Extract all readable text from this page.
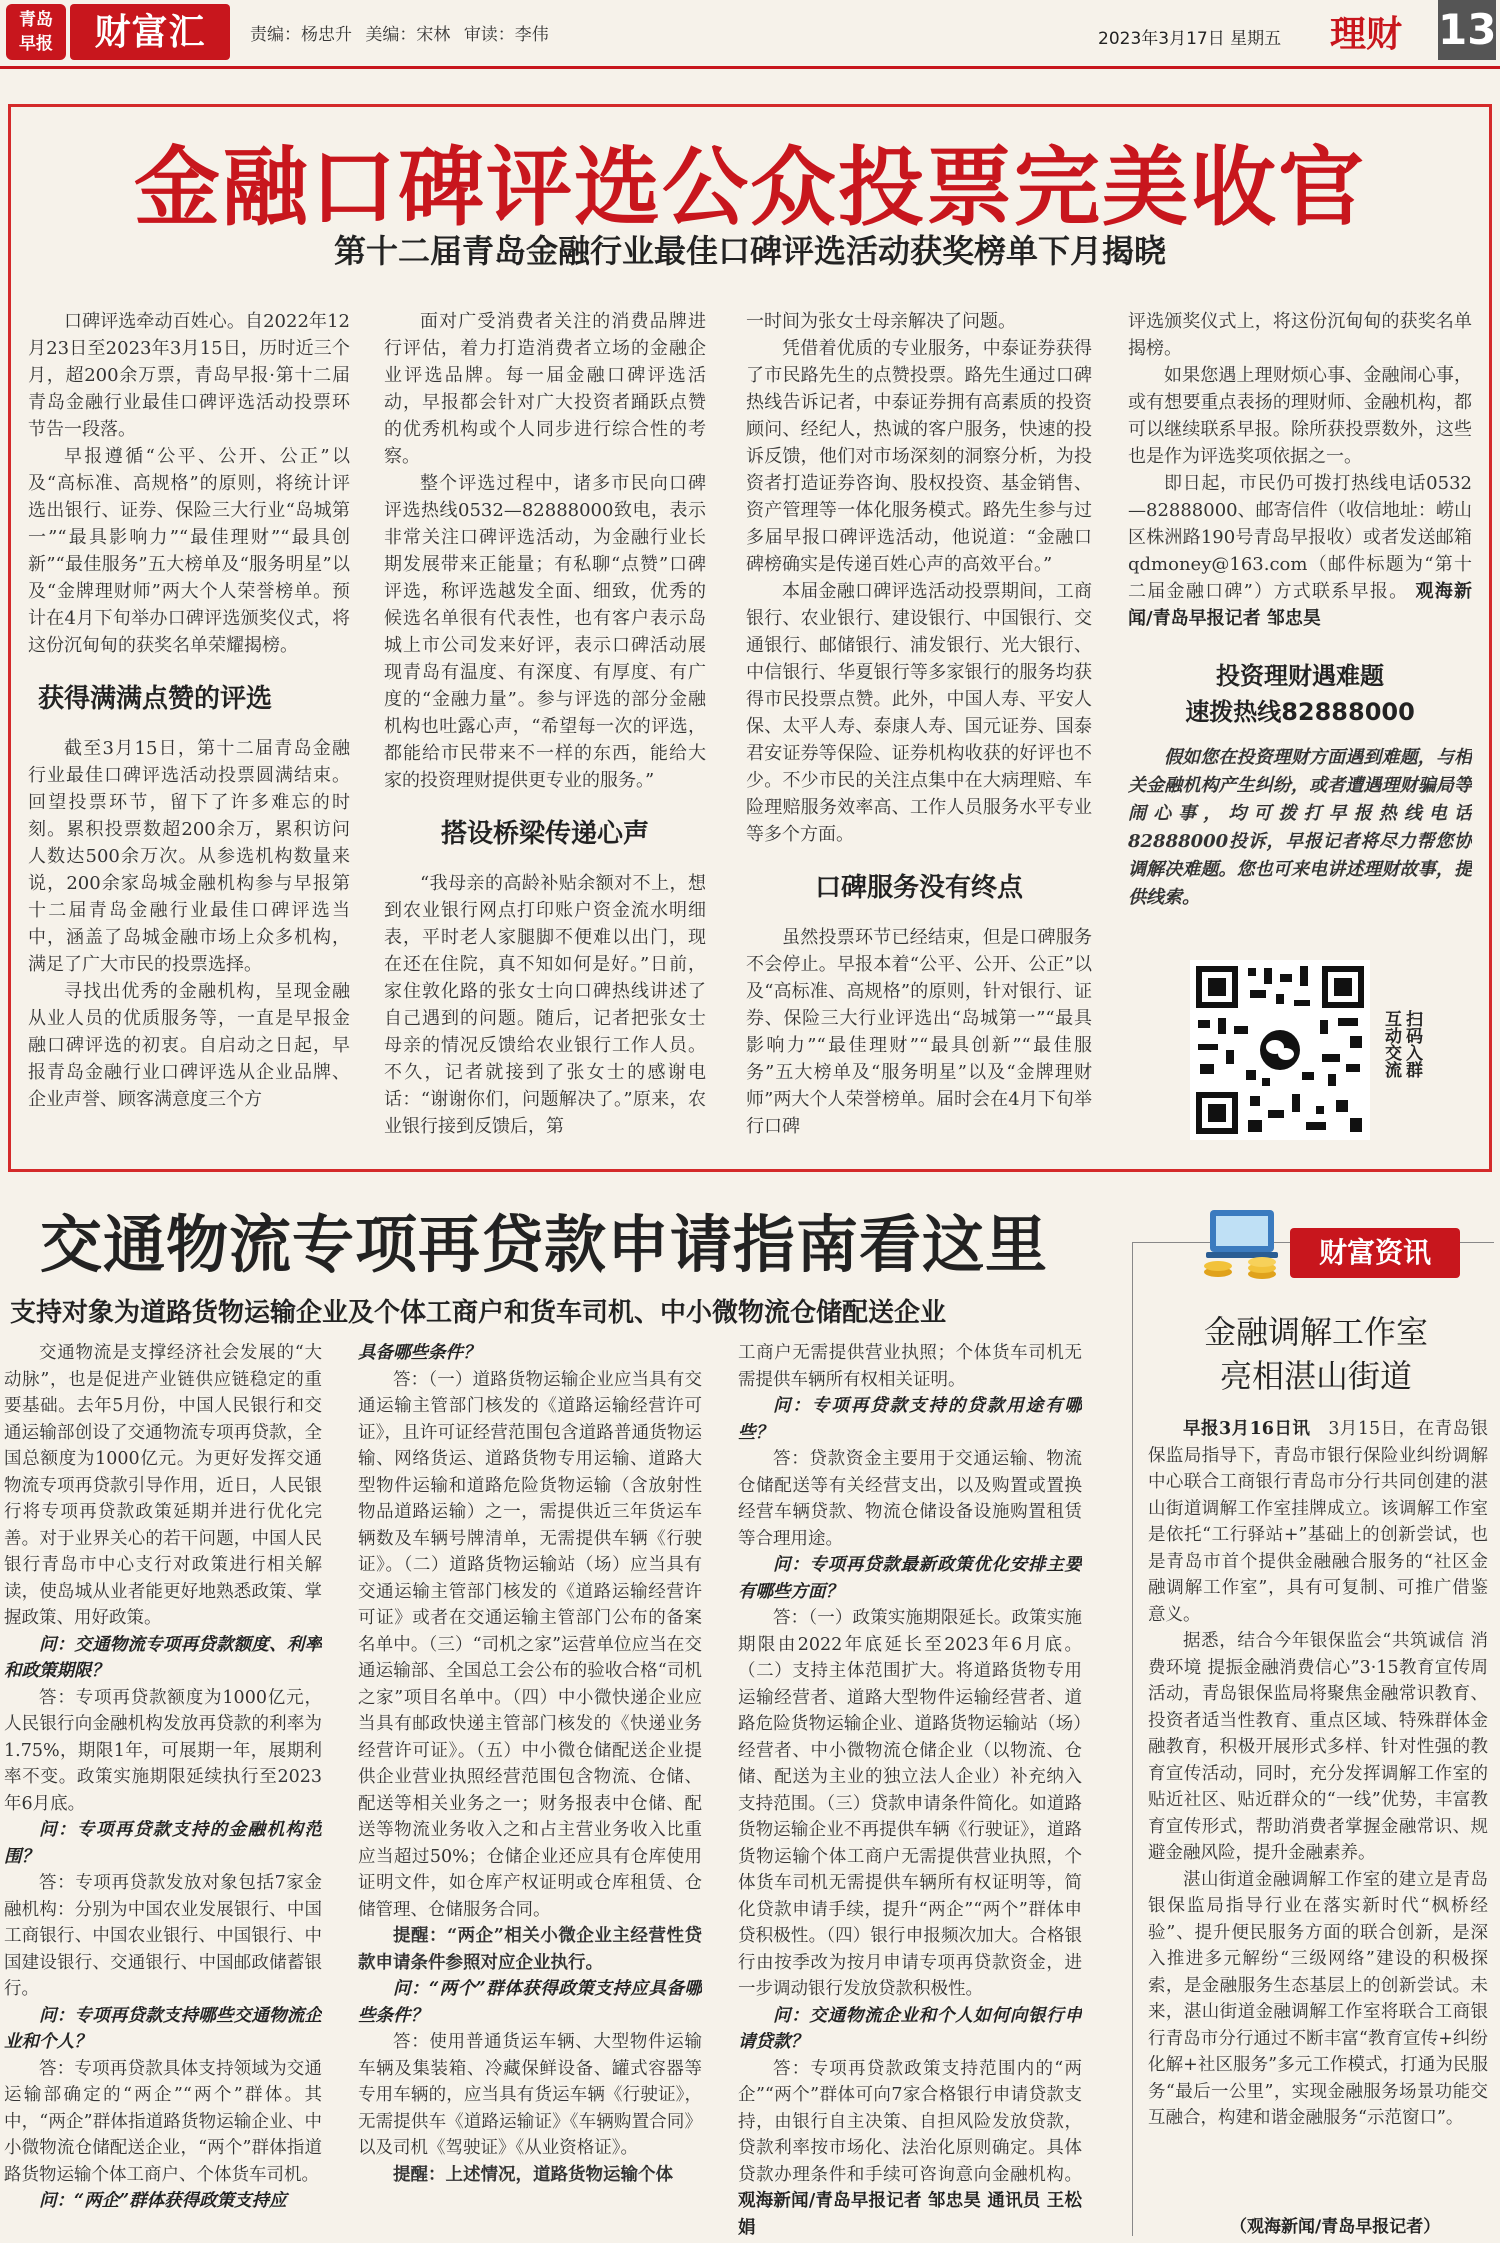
青岛
早报	财富汇	责编：杨忠升 美编：宋林 审读：李伟	2023年3月17日 星期五 理财 13
金融口碑评选公众投票完美收官
第十二届青岛金融行业最佳口碑评选活动获奖榜单下月揭晓

口碑评选牵动百姓心。自2022年12月23日至2023年3月15日，历时近三个月，超200余万票，青岛早报·第十二届青岛金融行业最佳口碑评选活动投票环节告一段落。

早报遵循“公平、公开、公正”以及“高标准、高规格”的原则，将统计评选出银行、证券、保险三大行业“岛城第一”“最具影响力”“最佳理财”“最具创新”“最佳服务”五大榜单及“服务明星”以及“金牌理财师”两大个人荣誉榜单。预计在4月下旬举办口碑评选颁奖仪式，将这份沉甸甸的获奖名单荣耀揭榜。

获得满满点赞的评选

截至3月15日，第十二届青岛金融行业最佳口碑评选活动投票圆满结束。回望投票环节，留下了许多难忘的时刻。累积投票数超200余万，累积访问人数达500余万次。从参选机构数量来说，200余家岛城金融机构参与早报第十二届青岛金融行业最佳口碑评选当中，涵盖了岛城金融市场上众多机构，满足了广大市民的投票选择。

寻找出优秀的金融机构，呈现金融从业人员的优质服务等，一直是早报金融口碑评选的初衷。自启动之日起，早报青岛金融行业口碑评选从企业品牌、企业声誉、顾客满意度三个方

面对广受消费者关注的消费品牌进行评估，着力打造消费者立场的金融企业评选品牌。每一届金融口碑评选活动，早报都会针对广大投资者踊跃点赞的优秀机构或个人同步进行综合性的考察。

整个评选过程中，诸多市民向口碑评选热线0532—82888000致电，表示非常关注口碑评选活动，为金融行业长期发展带来正能量；有私聊“点赞”口碑评选，称评选越发全面、细致，优秀的候选名单很有代表性，也有客户表示岛城上市公司发来好评，表示口碑活动展现青岛有温度、有深度、有厚度、有广度的“金融力量”。参与评选的部分金融机构也吐露心声，“希望每一次的评选，都能给市民带来不一样的东西，能给大家的投资理财提供更专业的服务。”

搭设桥梁传递心声

“我母亲的高龄补贴余额对不上，想到农业银行网点打印账户资金流水明细表，平时老人家腿脚不便难以出门，现在还在住院，真不知如何是好。”日前，家住敦化路的张女士向口碑热线讲述了自己遇到的问题。随后，记者把张女士母亲的情况反馈给农业银行工作人员。不久，记者就接到了张女士的感谢电话：“谢谢你们，问题解决了。”原来，农业银行接到反馈后，第

一时间为张女士母亲解决了问题。

凭借着优质的专业服务，中泰证券获得了市民路先生的点赞投票。路先生通过口碑热线告诉记者，中泰证券拥有高素质的投资顾问、经纪人，热诚的客户服务，快速的投诉反馈，他们对市场深刻的洞察分析，为投资者打造证券咨询、股权投资、基金销售、资产管理等一体化服务模式。路先生参与过多届早报口碑评选活动，他说道：“金融口碑榜确实是传递百姓心声的高效平台。”

本届金融口碑评选活动投票期间，工商银行、农业银行、建设银行、中国银行、交通银行、邮储银行、浦发银行、光大银行、中信银行、华夏银行等多家银行的服务均获得市民投票点赞。此外，中国人寿、平安人保、太平人寿、泰康人寿、国元证券、国泰君安证券等保险、证券机构收获的好评也不少。不少市民的关注点集中在大病理赔、车险理赔服务效率高、工作人员服务水平专业等多个方面。

口碑服务没有终点

虽然投票环节已经结束，但是口碑服务不会停止。早报本着“公平、公开、公正”以及“高标准、高规格”的原则，针对银行、证券、保险三大行业评选出“岛城第一”“最具影响力”“最佳理财”“最具创新”“最佳服务”五大榜单及“服务明星”以及“金牌理财师”两大个人荣誉榜单。届时会在4月下旬举行口碑

评选颁奖仪式上，将这份沉甸甸的获奖名单揭榜。

如果您遇上理财烦心事、金融闹心事，或有想要重点表扬的理财师、金融机构，都可以继续联系早报。除所获投票数外，这些也是作为评选奖项依据之一。

即日起，市民仍可拨打热线电话0532—82888000、邮寄信件（收信地址：崂山区株洲路190号青岛早报收）或者发送邮箱qdmoney@163.com（邮件标题为“第十二届金融口碑”）方式联系早报。 观海新闻/青岛早报记者 邹忠昊

投资理财遇难题
速拨热线82888000

假如您在投资理财方面遇到难题，与相关金融机构产生纠纷，或者遭遇理财骗局等闹心事，均可拨打早报热线电话82888000投诉，早报记者将尽力帮您协调解决难题。您也可来电讲述理财故事，提供线索。

扫码入群
互动交流
交通物流专项再贷款申请指南看这里
支持对象为道路货物运输企业及个体工商户和货车司机、中小微物流仓储配送企业

交通物流是支撑经济社会发展的“大动脉”，也是促进产业链供应链稳定的重要基础。去年5月份，中国人民银行和交通运输部创设了交通物流专项再贷款，全国总额度为1000亿元。为更好发挥交通物流专项再贷款引导作用，近日，人民银行将专项再贷款政策延期并进行优化完善。对于业界关心的若干问题，中国人民银行青岛市中心支行对政策进行相关解读，使岛城从业者能更好地熟悉政策、掌握政策、用好政策。

问：交通物流专项再贷款额度、利率和政策期限？

答：专项再贷款额度为1000亿元，人民银行向金融机构发放再贷款的利率为1.75%，期限1年，可展期一年，展期利率不变。政策实施期限延续执行至2023年6月底。

问：专项再贷款支持的金融机构范围？

答：专项再贷款发放对象包括7家金融机构：分别为中国农业发展银行、中国工商银行、中国农业银行、中国银行、中国建设银行、交通银行、中国邮政储蓄银行。

问：专项再贷款支持哪些交通物流企业和个人？

答：专项再贷款具体支持领域为交通运输部确定的“两企”“两个”群体。其中，“两企”群体指道路货物运输企业、中小微物流仓储配送企业，“两个”群体指道路货物运输个体工商户、个体货车司机。

问：“两企”群体获得政策支持应

具备哪些条件？

答：（一）道路货物运输企业应当具有交通运输主管部门核发的《道路运输经营许可证》，且许可证经营范围包含道路普通货物运输、网络货运、道路货物专用运输、道路大型物件运输和道路危险货物运输（含放射性物品道路运输）之一，需提供近三年货运车辆数及车辆号牌清单，无需提供车辆《行驶证》。（二）道路货物运输站（场）应当具有交通运输主管部门核发的《道路运输经营许可证》或者在交通运输主管部门公布的备案名单中。（三）“司机之家”运营单位应当在交通运输部、全国总工会公布的验收合格“司机之家”项目名单中。（四）中小微快递企业应当具有邮政快递主管部门核发的《快递业务经营许可证》。（五）中小微仓储配送企业提供企业营业执照经营范围包含物流、仓储、配送等相关业务之一；财务报表中仓储、配送等物流业务收入之和占主营业务收入比重应当超过50%；仓储企业还应具有仓库使用证明文件，如仓库产权证明或仓库租赁、仓储管理、仓储服务合同。

提醒：“两企”相关小微企业主经营性贷款申请条件参照对应企业执行。

问：“两个”群体获得政策支持应具备哪些条件？

答：使用普通货运车辆、大型物件运输车辆及集装箱、冷藏保鲜设备、罐式容器等专用车辆的，应当具有货运车辆《行驶证》，无需提供车《道路运输证》《车辆购置合同》以及司机《驾驶证》《从业资格证》。

提醒：上述情况，道路货物运输个体

工商户无需提供营业执照；个体货车司机无需提供车辆所有权相关证明。

问：专项再贷款支持的贷款用途有哪些？

答：贷款资金主要用于交通运输、物流仓储配送等有关经营支出，以及购置或置换经营车辆贷款、物流仓储设备设施购置租赁等合理用途。

问：专项再贷款最新政策优化安排主要有哪些方面？

答：（一）政策实施期限延长。政策实施期限由2022年底延长至2023年6月底。（二）支持主体范围扩大。将道路货物专用运输经营者、道路大型物件运输经营者、道路危险货物运输企业、道路货物运输站（场）经营者、中小微物流仓储企业（以物流、仓储、配送为主业的独立法人企业）补充纳入支持范围。（三）贷款申请条件简化。如道路货物运输企业不再提供车辆《行驶证》，道路货物运输个体工商户无需提供营业执照，个体货车司机无需提供车辆所有权证明等，简化贷款申请手续，提升“两企”“两个”群体申贷积极性。（四）银行申报频次加大。合格银行由按季改为按月申请专项再贷款资金，进一步调动银行发放贷款积极性。

问：交通物流企业和个人如何向银行申请贷款？

答：专项再贷款政策支持范围内的“两企”“两个”群体可向7家合格银行申请贷款支持，由银行自主决策、自担风险发放贷款，贷款利率按市场化、法治化原则确定。具体贷款办理条件和手续可咨询意向金融机构。 观海新闻/青岛早报记者 邹忠昊 通讯员 王松娟

财富资讯
金融调解工作室
亮相湛山街道

早报3月16日讯　 3月15日，在青岛银保监局指导下，青岛市银行保险业纠纷调解中心联合工商银行青岛市分行共同创建的湛山街道调解工作室挂牌成立。该调解工作室是依托“工行驿站+”基础上的创新尝试，也是青岛市首个提供金融融合服务的“社区金融调解工作室”，具有可复制、可推广借鉴意义。

据悉，结合今年银保监会“共筑诚信 消费环境 提振金融消费信心”3·15教育宣传周活动，青岛银保监局将聚焦金融常识教育、投资者适当性教育、重点区域、特殊群体金融教育，积极开展形式多样、针对性强的教育宣传活动，同时，充分发挥调解工作室的贴近社区、贴近群众的“一线”优势，丰富教育宣传形式，帮助消费者掌握金融常识、规避金融风险，提升金融素养。

湛山街道金融调解工作室的建立是青岛银保监局指导行业在落实新时代“枫桥经验”、提升便民服务方面的联合创新，是深入推进多元解纷“三级网络”建设的积极探索，是金融服务生态基层上的创新尝试。未来，湛山街道金融调解工作室将联合工商银行青岛市分行通过不断丰富“教育宣传+纠纷化解+社区服务”多元工作模式，打通为民服务“最后一公里”，实现金融服务场景功能交互融合，构建和谐金融服务“示范窗口”。

（观海新闻/青岛早报记者）
